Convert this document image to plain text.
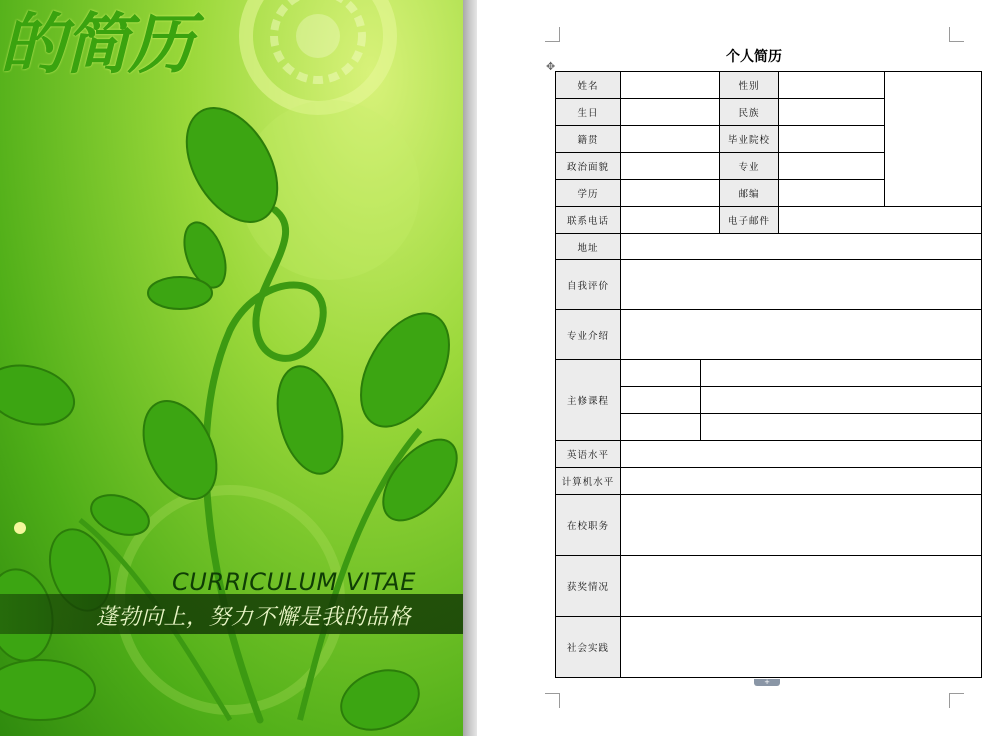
的简历
CURRICULUM VITAE
蓬勃向上，努力不懈是我的品格
个人简历
✥
姓名			性别		
生日			民族		
籍贯			毕业院校		
政治面貌			专业		
学历			邮编		
联系电话			电子邮件		
地址					
自我评价					
专业介绍					
主修课程					

英语水平					
计算机水平					
在校职务					
获奖情况					
社会实践					
+
